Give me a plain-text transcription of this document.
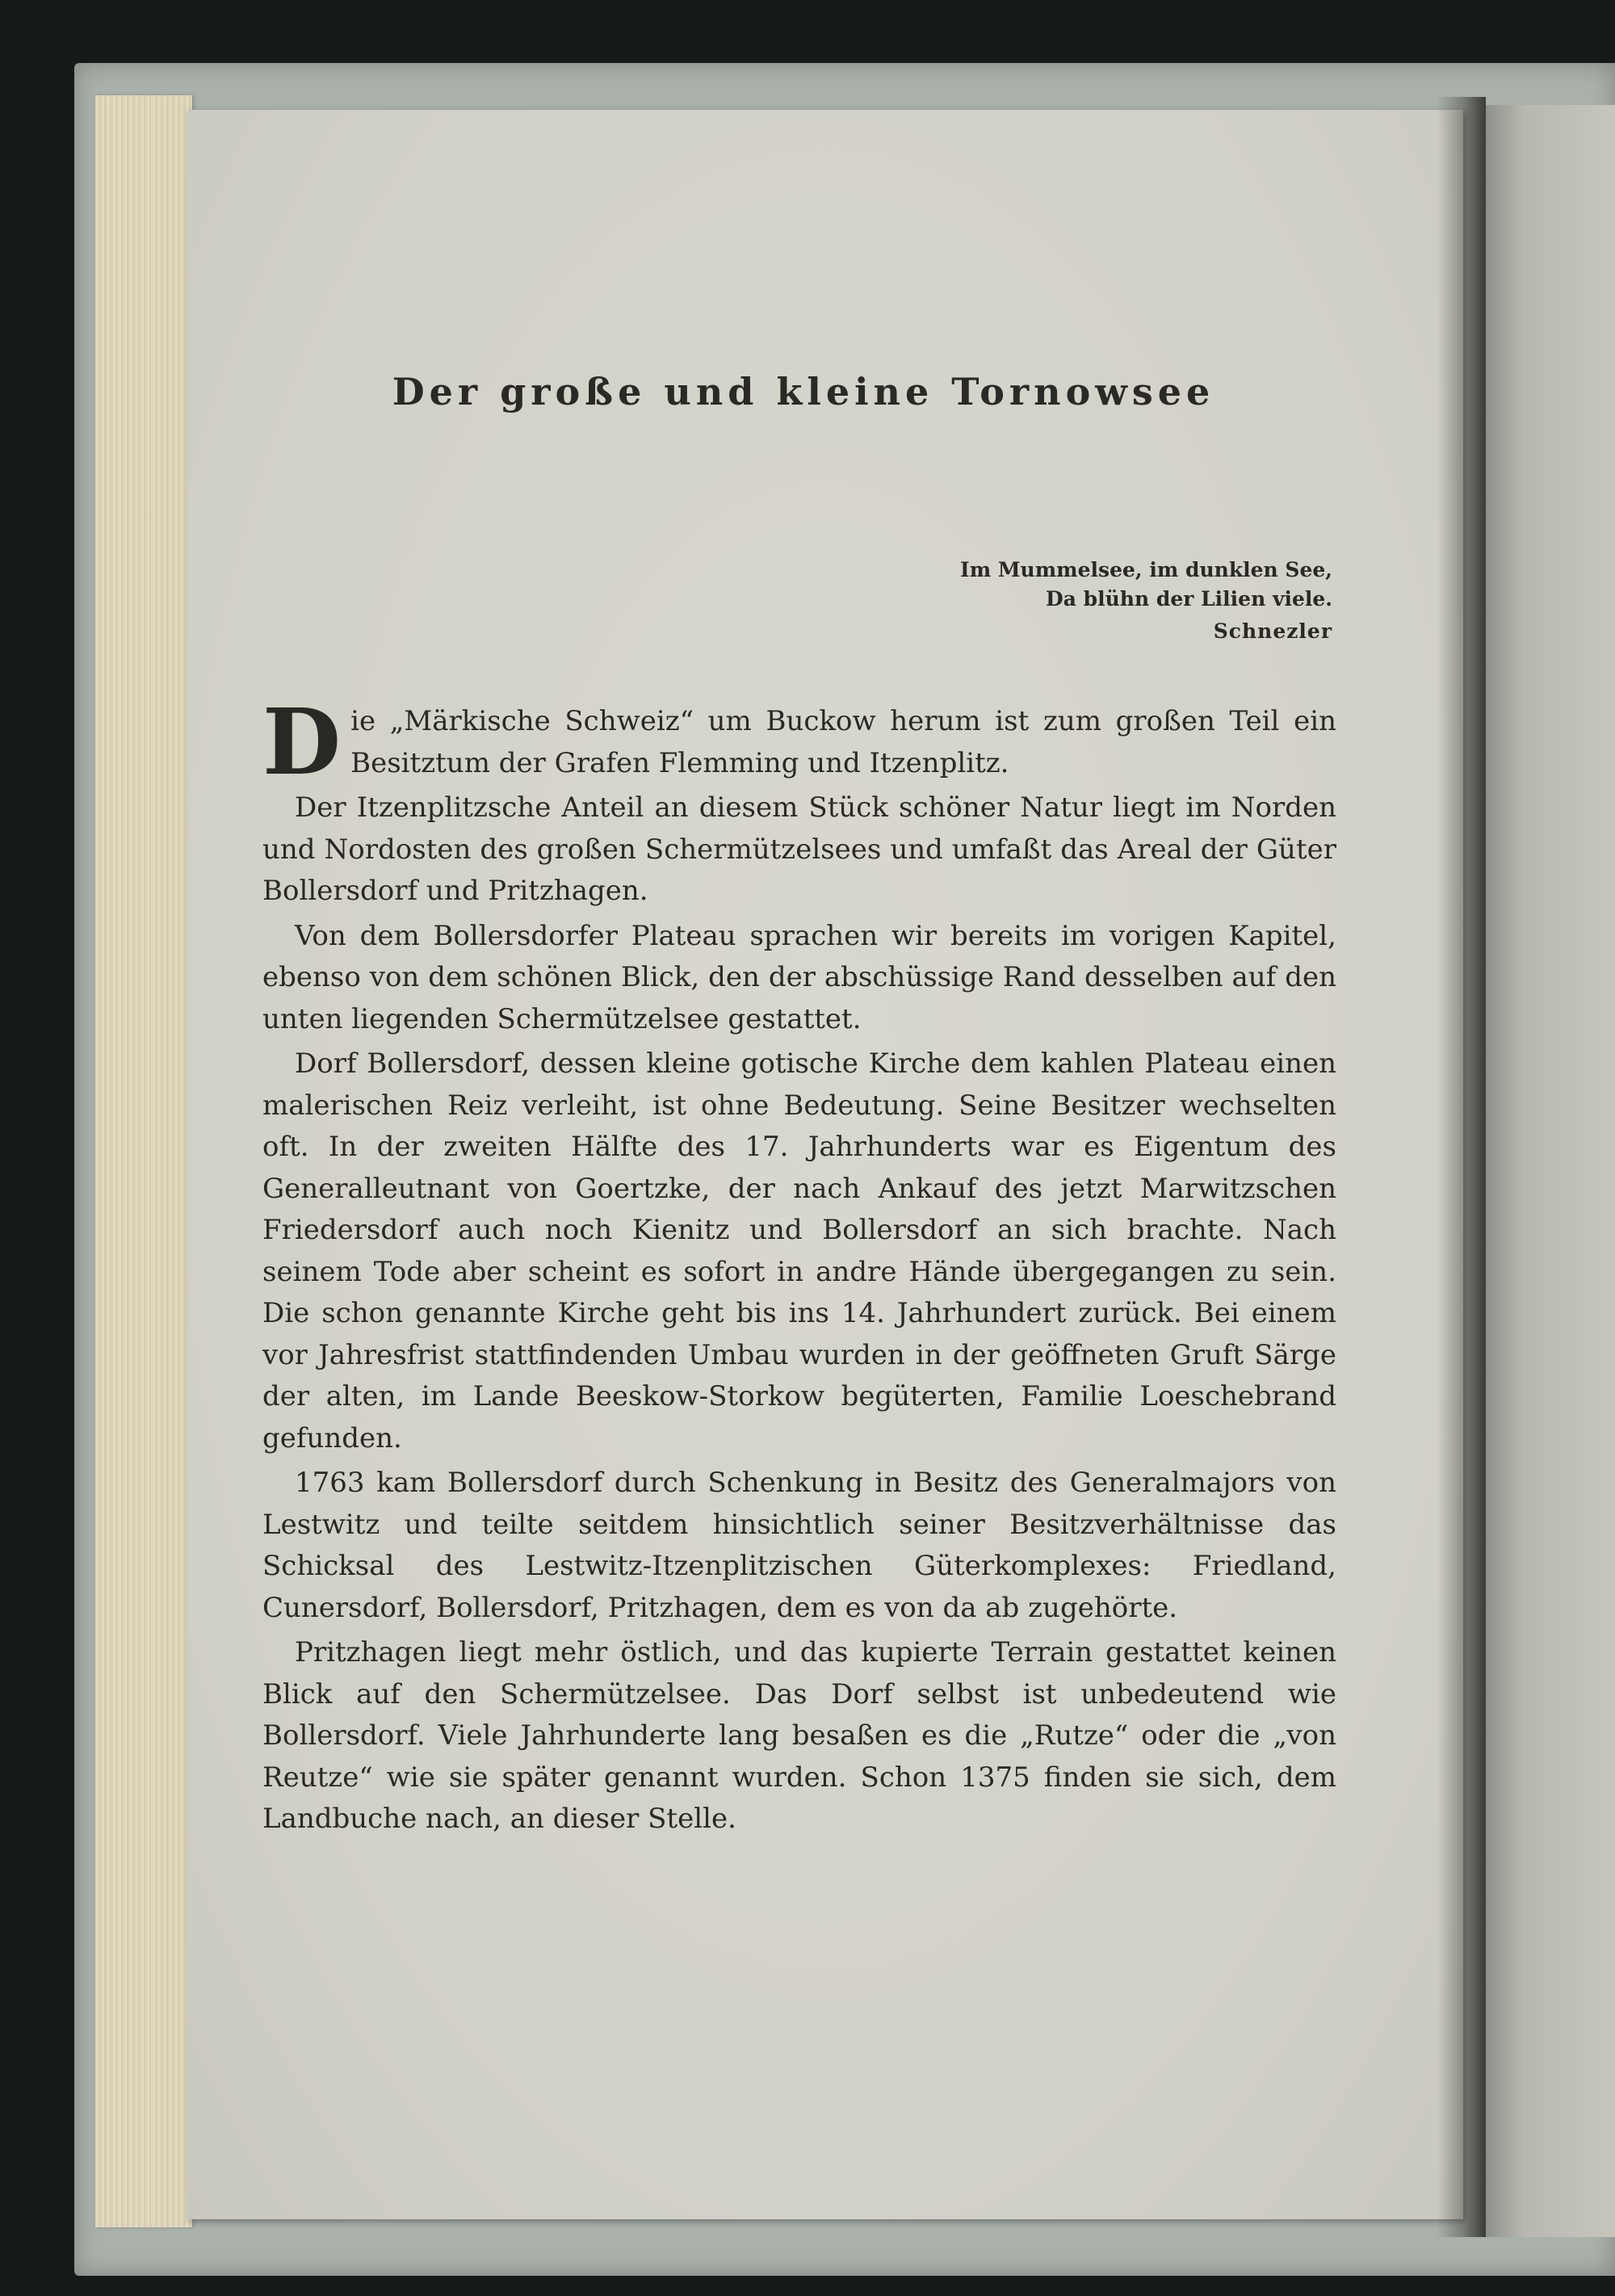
Der große und kleine Tornowsee
Im Mummelsee, im dunklen See,
Da blühn der Lilien viele.
Schnezler

Die „Märkische Schweiz“ um Buckow herum ist zum großen Teil ein Besitztum der Grafen Flemming und Itzenplitz.

Der Itzenplitzsche Anteil an diesem Stück schöner Natur liegt im Norden und Nordosten des großen Schermützelsees und umfaßt das Areal der Güter Bollersdorf und Pritzhagen.

Von dem Bollersdorfer Plateau sprachen wir bereits im vorigen Kapitel, ebenso von dem schönen Blick, den der abschüssige Rand desselben auf den unten liegenden Schermützelsee gestattet.

Dorf Bollersdorf, dessen kleine gotische Kirche dem kahlen Plateau einen malerischen Reiz verleiht, ist ohne Bedeutung. Seine Besitzer wechselten oft. In der zweiten Hälfte des 17. Jahrhunderts war es Eigentum des Generalleutnant von Goertzke, der nach Ankauf des jetzt Marwitzschen Friedersdorf auch noch Kienitz und Bollersdorf an sich brachte. Nach seinem Tode aber scheint es sofort in andre Hände übergegangen zu sein. Die schon genannte Kirche geht bis ins 14. Jahrhundert zurück. Bei einem vor Jahresfrist stattfindenden Umbau wurden in der geöffneten Gruft Särge der alten, im Lande Beeskow-Storkow begüterten, Familie Loeschebrand gefunden.

1763 kam Bollersdorf durch Schenkung in Besitz des Generalmajors von Lestwitz und teilte seitdem hinsichtlich seiner Besitzverhältnisse das Schicksal des Lestwitz-Itzenplitzischen Güterkomplexes: Friedland, Cunersdorf, Bollersdorf, Pritzhagen, dem es von da ab zugehörte.

Pritzhagen liegt mehr östlich, und das kupierte Terrain gestattet keinen Blick auf den Schermützelsee. Das Dorf selbst ist unbedeutend wie Bollersdorf. Viele Jahrhunderte lang besaßen es die „Rutze“ oder die „von Reutze“ wie sie später genannt wurden. Schon 1375 finden sie sich, dem Landbuche nach, an dieser Stelle.
